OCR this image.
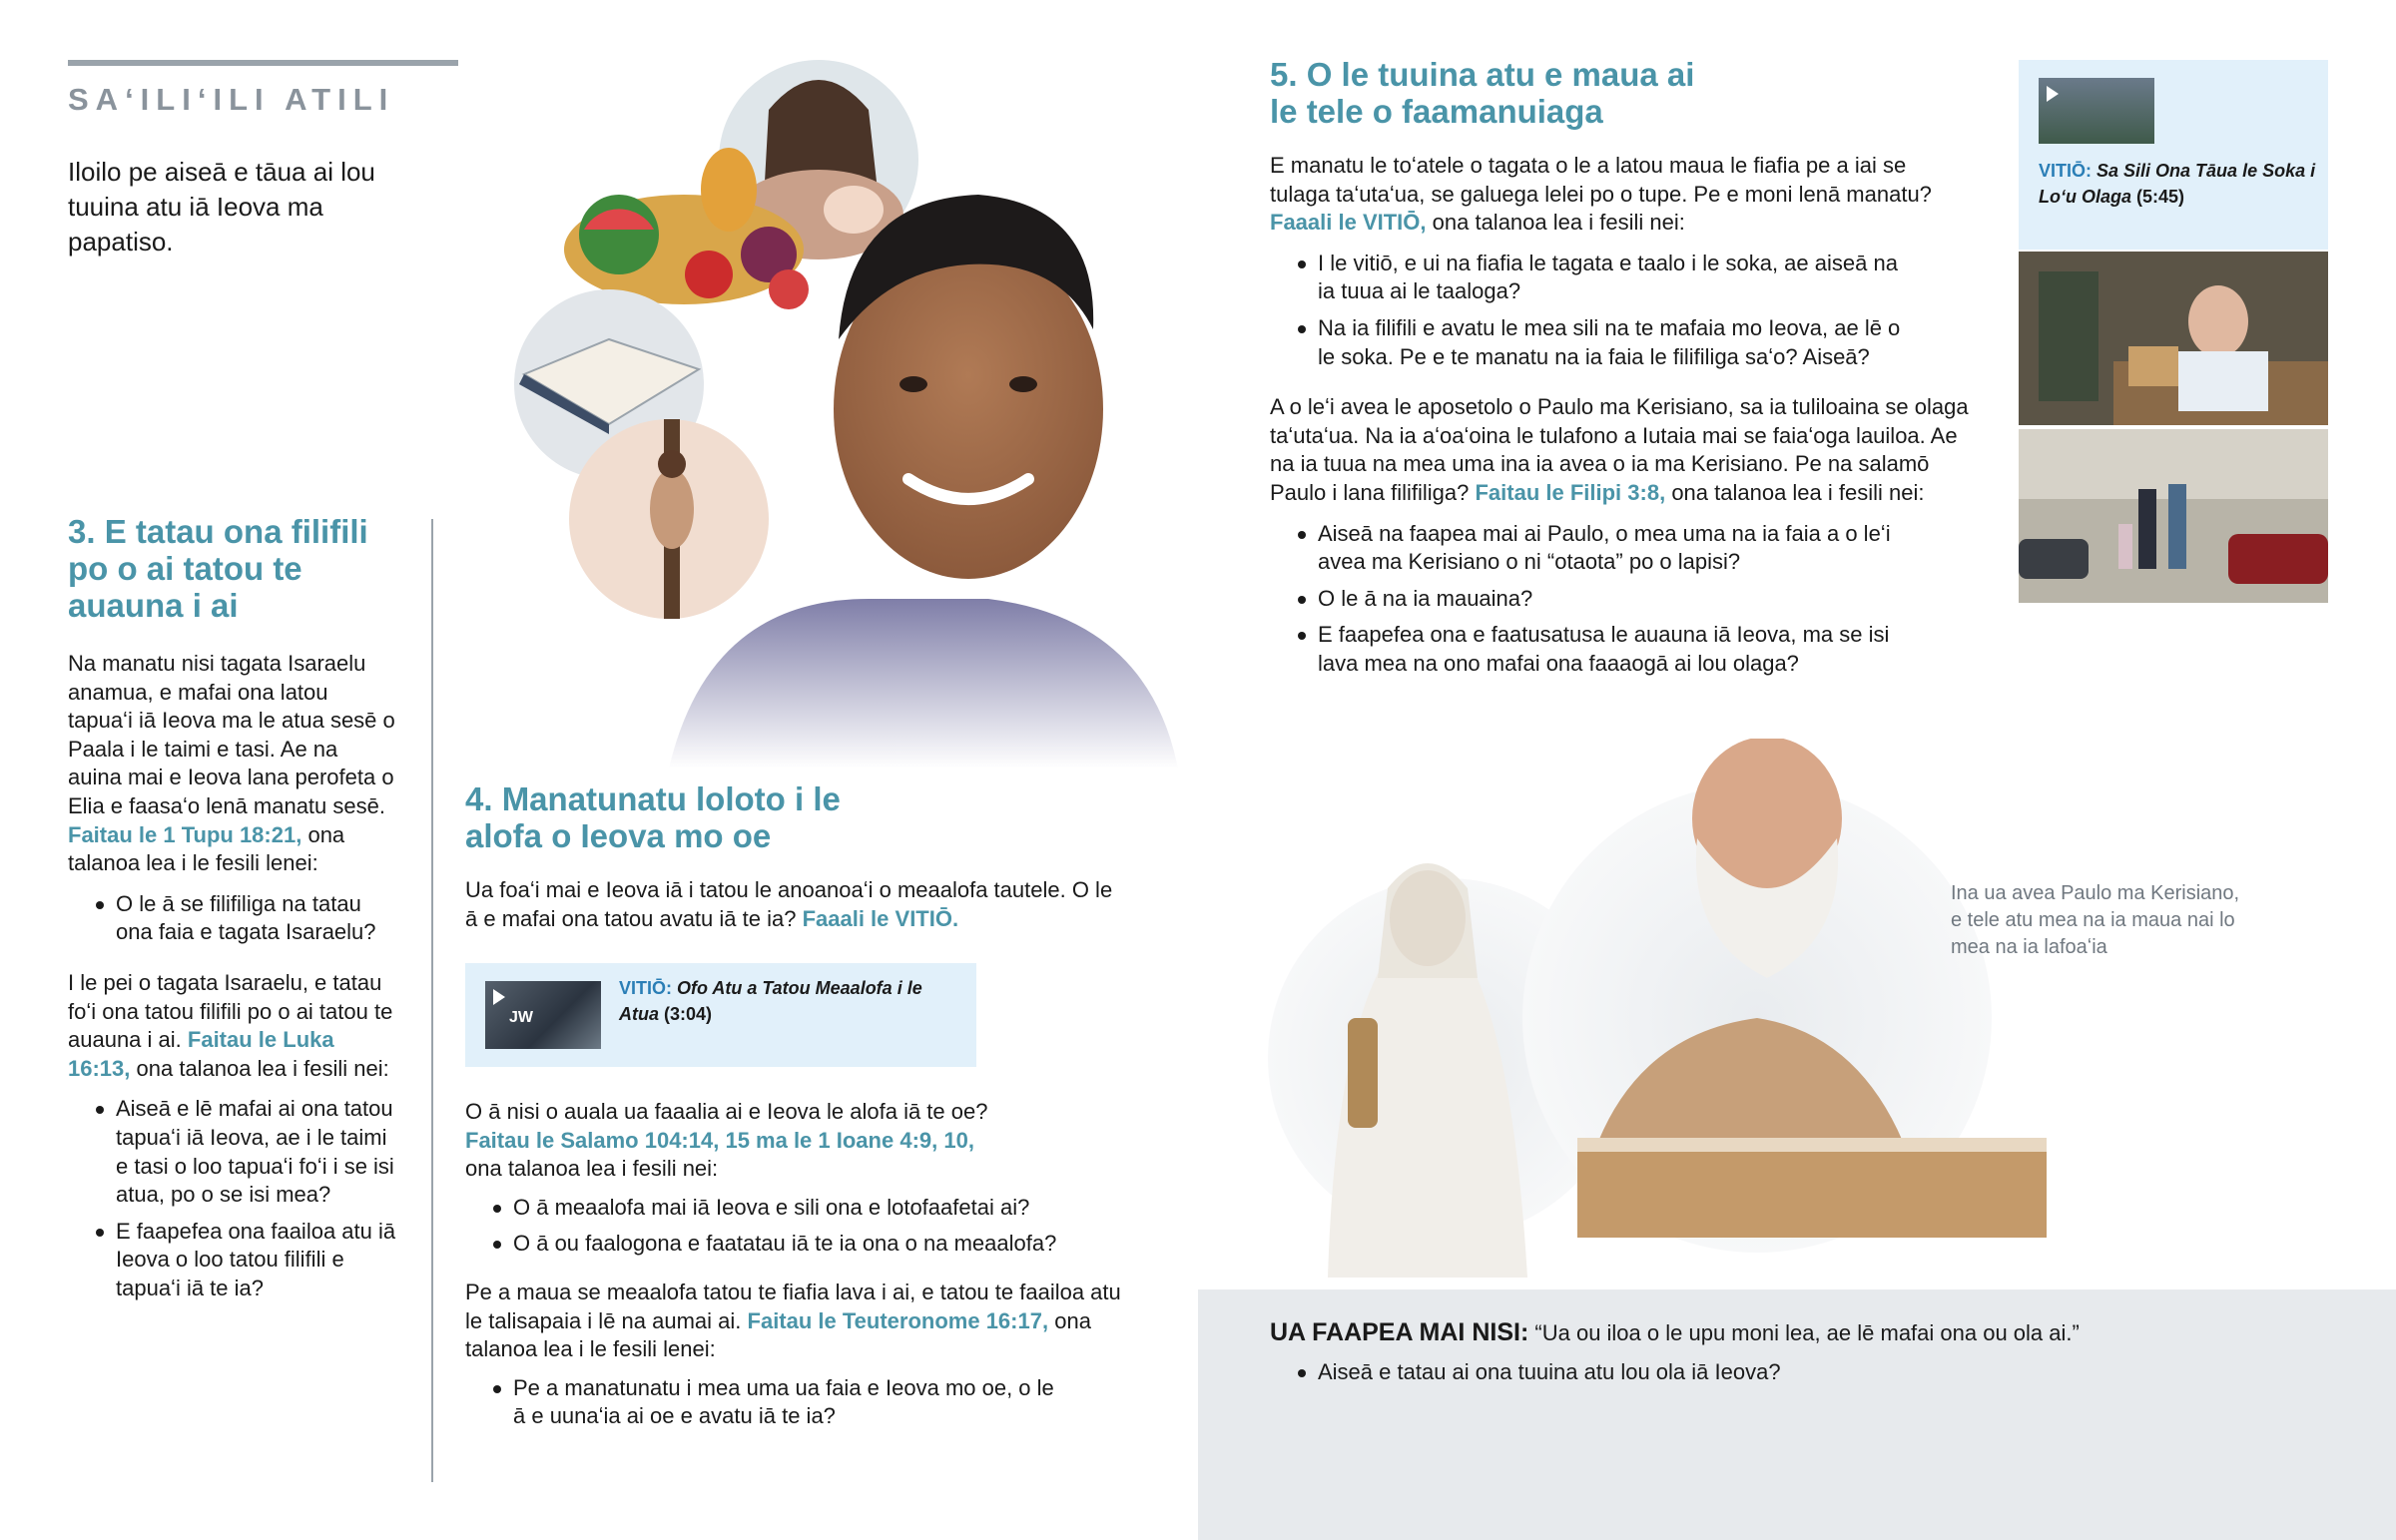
SA‘ILI‘ILI ATILI
Iloilo pe aiseā e tāua ai lou tuuina atu iā Ieova ma papatiso.
3. E tatau ona filifili po o ai tatou te auauna i ai

Na manatu nisi tagata Isaraelu anamua, e mafai ona latou tapuaʻi iā Ieova ma le atua sesē o Paala i le taimi e tasi. Ae na auina mai e Ieova lana perofeta o Elia e faasaʻo lenā manatu sesē. Faitau le 1 Tupu 18:21, ona talanoa lea i le fesili lenei:

O le ā se filifiliga na tatau ona faia e tagata Isaraelu?

I le pei o tagata Isaraelu, e tatau foʻi ona tatou filifili po o ai tatou te auauna i ai. Faitau le Luka 16:13, ona talanoa lea i fesili nei:

Aiseā e lē mafai ai ona tatou tapuaʻi iā Ieova, ae i le taimi e tasi o loo tapuaʻi foʻi i se isi atua, po o se isi mea?
E faapefea ona faailoa atu iā Ieova o loo tatou filifili e tapuaʻi iā te ia?
4. Manatunatu loloto i le alofa o Ieova mo oe

Ua foaʻi mai e Ieova iā i tatou le anoanoaʻi o meaalofa tautele. O le ā e mafai ona tatou avatu iā te ia? Faaali le VITIŌ.

JW
VITIŌ: Ofo Atu a Tatou Meaalofa i le Atua (3:04)

O ā nisi o auala ua faaalia ai e Ieova le alofa iā te oe?
Faitau le Salamo 104:14, 15 ma le 1 Ioane 4:9, 10,
ona talanoa lea i fesili nei:

O ā meaalofa mai iā Ieova e sili ona e lotofaafetai ai?
O ā ou faalogona e faatatau iā te ia ona o na meaalofa?

Pe a maua se meaalofa tatou te fiafia lava i ai, e tatou te faailoa atu le talisapaia i lē na aumai ai. Faitau le Teuteronome 16:17, ona talanoa lea i le fesili lenei:

Pe a manatunatu i mea uma ua faia e Ieova mo oe, o le ā e uunaʻia ai oe e avatu iā te ia?
5. O le tuuina atu e maua ai le tele o faamanuiaga

E manatu le toʻatele o tagata o le a latou maua le fiafia pe a iai se tulaga taʻutaʻua, se galuega lelei po o tupe. Pe e moni lenā manatu? Faaali le VITIŌ, ona talanoa lea i fesili nei:

I le vitiō, e ui na fiafia le tagata e taalo i le soka, ae aiseā na ia tuua ai le taaloga?
Na ia filifili e avatu le mea sili na te mafaia mo Ieova, ae lē o le soka. Pe e te manatu na ia faia le filifiliga saʻo? Aiseā?

A o leʻi avea le aposetolo o Paulo ma Kerisiano, sa ia tuliloaina se olaga taʻutaʻua. Na ia aʻoaʻoina le tulafono a Iutaia mai se faiaʻoga lauiloa. Ae na ia tuua na mea uma ina ia avea o ia ma Kerisiano. Pe na salamō Paulo i lana filifiliga? Faitau le Filipi 3:8, ona talanoa lea i fesili nei:

Aiseā na faapea mai ai Paulo, o mea uma na ia faia a o leʻi avea ma Kerisiano o ni “otaota” po o lapisi?
O le ā na ia mauaina?
E faapefea ona e faatusatusa le auauna iā Ieova, ma se isi lava mea na ono mafai ona faaaogā ai lou olaga?
VITIŌ: Sa Sili Ona Tāua le Soka i Loʻu Olaga (5:45)
Ina ua avea Paulo ma Kerisiano, e tele atu mea na ia maua nai lo mea na ia lafoaʻia

UA FAAPEA MAI NISI: “Ua ou iloa o le upu moni lea, ae lē mafai ona ou ola ai.”

Aiseā e tatau ai ona tuuina atu lou ola iā Ieova?
